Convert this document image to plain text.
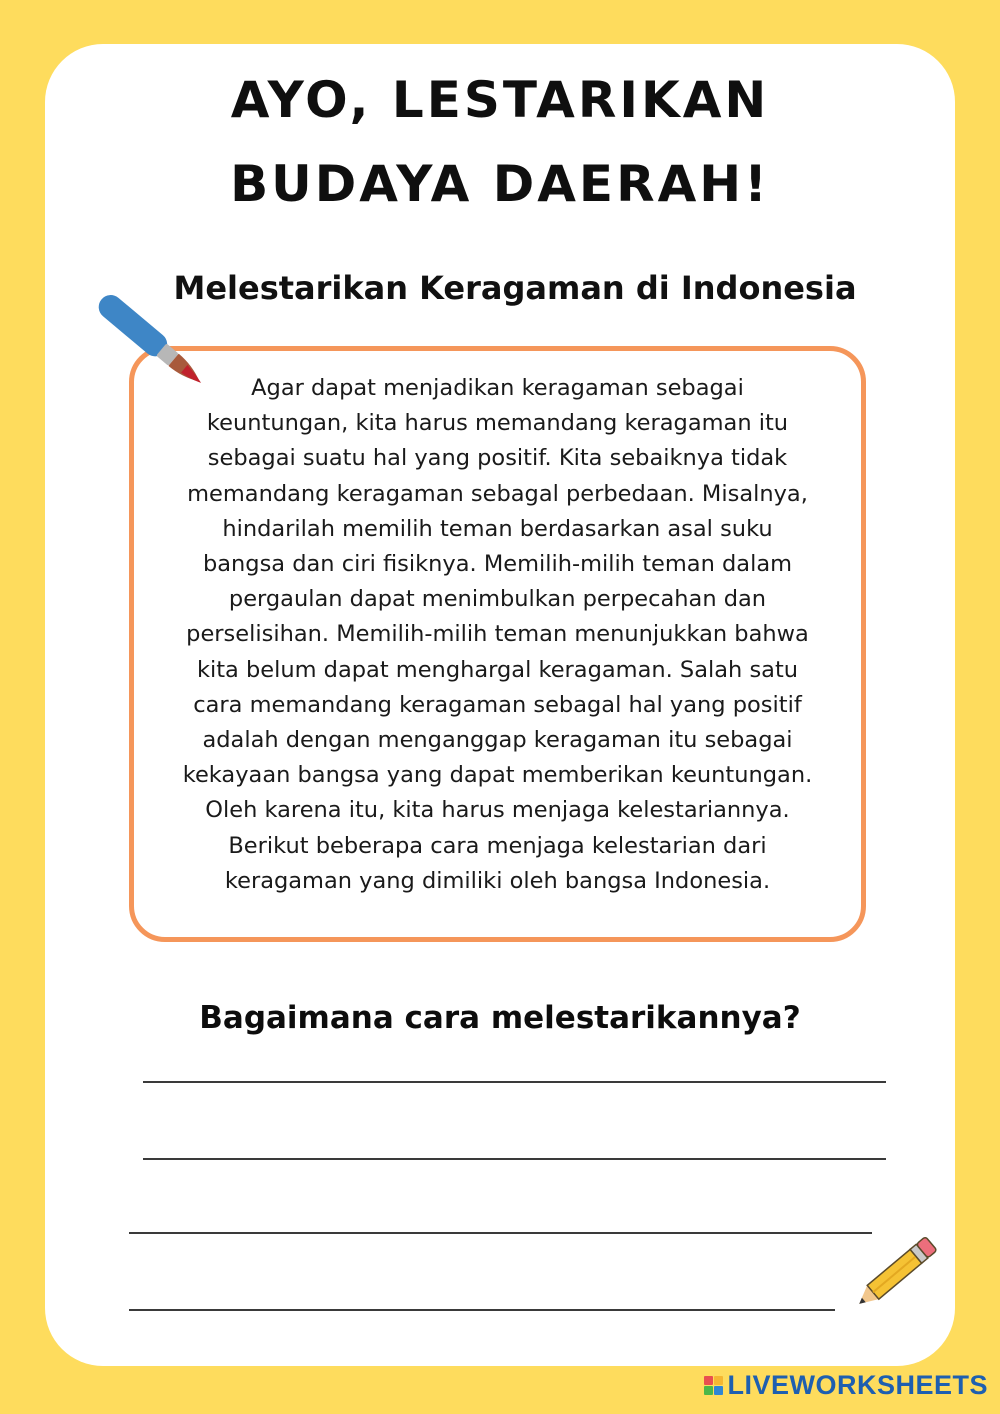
AYO, LESTARIKAN BUDAYA DAERAH!
Melestarikan Keragaman di Indonesia

Agar dapat menjadikan keragaman sebagai
keuntungan, kita harus memandang keragaman itu
sebagai suatu hal yang positif. Kita sebaiknya tidak
memandang keragaman sebagal perbedaan. Misalnya,
hindarilah memilih teman berdasarkan asal suku
bangsa dan ciri fisiknya. Memilih-milih teman dalam
pergaulan dapat menimbulkan perpecahan dan
perselisihan. Memilih-milih teman menunjukkan bahwa
kita belum dapat menghargal keragaman. Salah satu
cara memandang keragaman sebagal hal yang positif
adalah dengan menganggap keragaman itu sebagai
kekayaan bangsa yang dapat memberikan keuntungan.
Oleh karena itu, kita harus menjaga kelestariannya.
Berikut beberapa cara menjaga kelestarian dari
keragaman yang dimiliki oleh bangsa Indonesia.

Bagaimana cara melestarikannya?
LIVEWORKSHEETS
